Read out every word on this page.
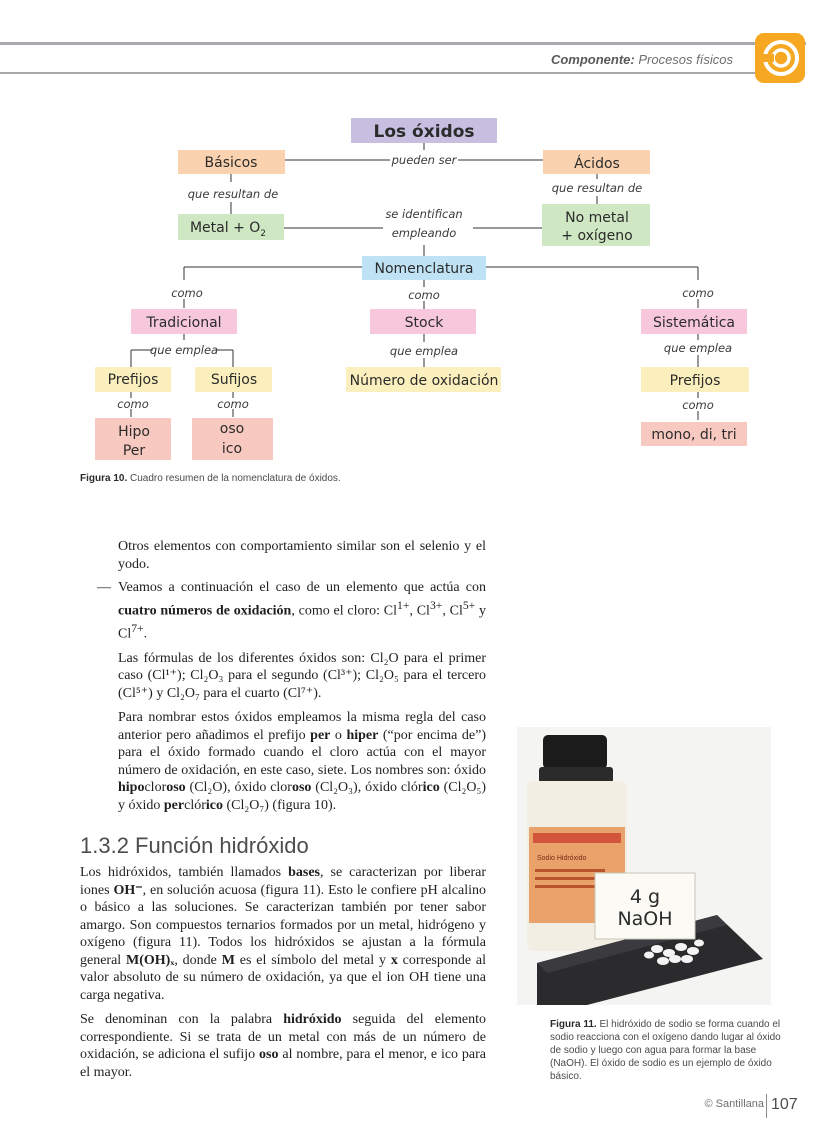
Componente: Procesos físicos
Los óxidos
Básicos	Ácidos
pueden ser
que resultan de	que resultan de
Metal + $O_2$
No metal
+ oxígeno
se identifican
empleando
Nomenclatura
como	como	como
Tradicional	Stock	Sistemática
que emplea	que emplea	que emplea
Prefijos	Sufijos	Número de oxidación	Prefijos
como	como	como
Hipo
Per
oso
ico
mono, di, tri
Figura 10. Cuadro resumen de la nomenclatura de óxidos.

Otros elementos con comportamiento similar son el selenio y el yodo.

— Veamos a continuación el caso de un elemento que actúa con cuatro números de oxidación, como el cloro: $Cl^{1+}$, $Cl^{3+}$, $Cl^{5+}$ y $Cl^{7+}$.

Las fórmulas de los diferentes óxidos son: Cl₂O para el primer caso (Cl¹⁺); Cl₂O₃ para el segundo (Cl³⁺); Cl₂O₅ para el tercero (Cl⁵⁺) y Cl₂O₇ para el cuarto (Cl⁷⁺).

Para nombrar estos óxidos empleamos la misma regla del caso anterior pero añadimos el prefijo per o hiper (“por encima de”) para el óxido formado cuando el cloro actúa con el mayor número de oxidación, en este caso, siete. Los nombres son: óxido hipocloroso (Cl₂O), óxido cloroso (Cl₂O₃), óxido clórico (Cl₂O₅) y óxido perclórico (Cl₂O₇) (figura 10).

1.3.2 Función hidróxido

Los hidróxidos, también llamados bases, se caracterizan por liberar iones OH⁻, en solución acuosa (figura 11). Esto le confiere pH alcalino o básico a las soluciones. Se caracterizan también por tener sabor amargo. Son compuestos ternarios formados por un metal, hidrógeno y oxígeno (figura 11). Todos los hidróxidos se ajustan a la fórmula general M(OH)ₓ, donde M es el símbolo del metal y x corresponde al valor absoluto de su número de oxidación, ya que el ion OH tiene una carga negativa.

Se denominan con la palabra hidróxido seguida del elemento correspondiente. Si se trata de un metal con más de un número de oxidación, se adiciona el sufijo oso al nombre, para el menor, e ico para el mayor.

Sodio Hidróxido
4 g
NaOH
Figura 11. El hidróxido de sodio se forma cuando el sodio reacciona con el oxígeno dando lugar al óxido de sodio y luego con agua para formar la base (NaOH). El óxido de sodio es un ejemplo de óxido básico.
© Santillana 107
